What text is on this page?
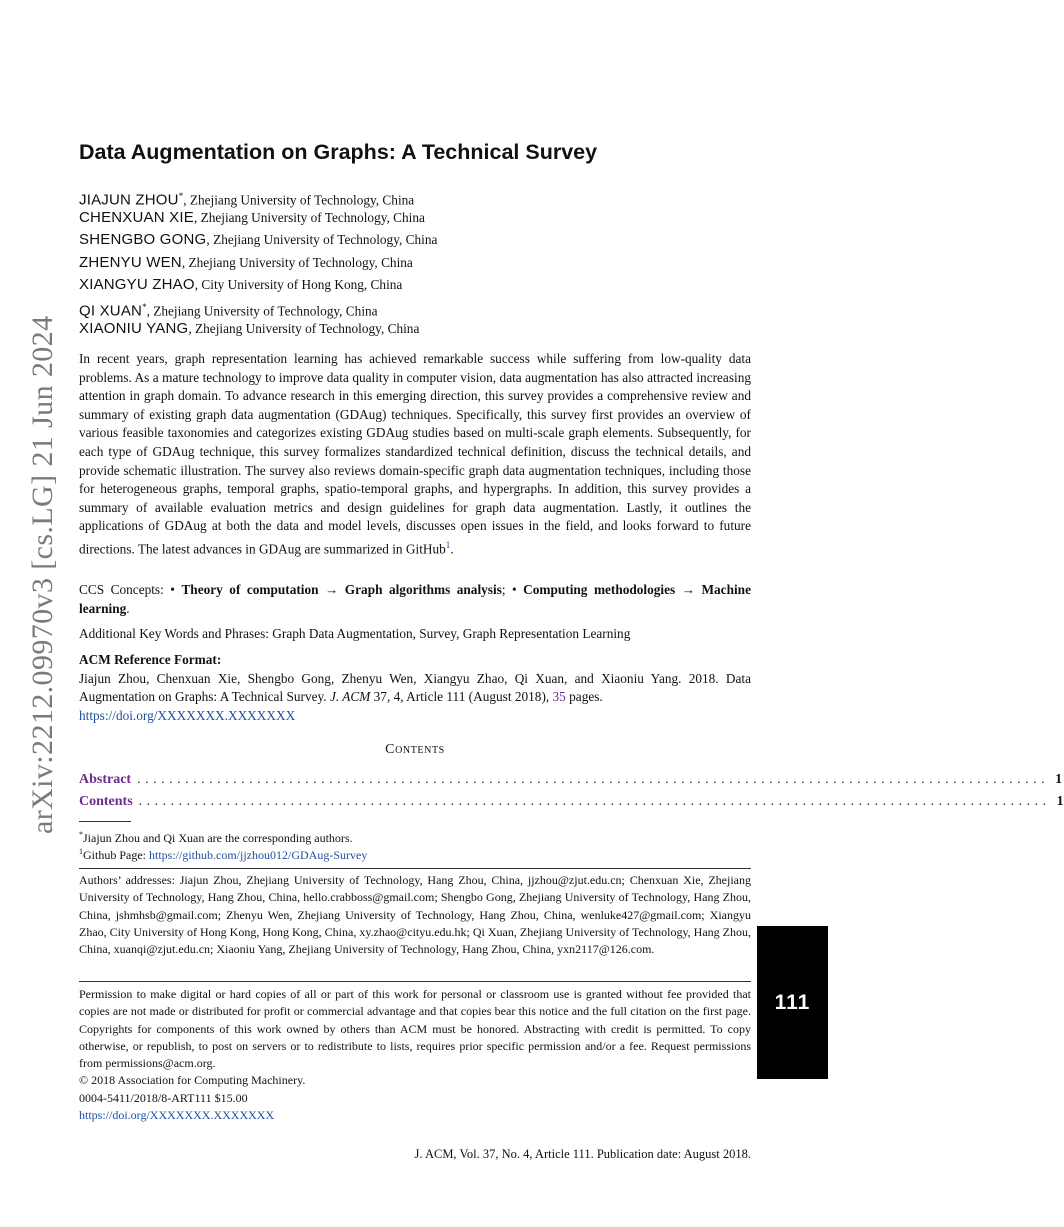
arXiv:2212.09970v3 [cs.LG] 21 Jun 2024
Data Augmentation on Graphs: A Technical Survey
JIAJUN ZHOU*, Zhejiang University of Technology, China
CHENXUAN XIE, Zhejiang University of Technology, China
SHENGBO GONG, Zhejiang University of Technology, China
ZHENYU WEN, Zhejiang University of Technology, China
XIANGYU ZHAO, City University of Hong Kong, China
QI XUAN*, Zhejiang University of Technology, China
XIAONIU YANG, Zhejiang University of Technology, China

In recent years, graph representation learning has achieved remarkable success while suffering from low-quality data problems. As a mature technology to improve data quality in computer vision, data augmentation has also attracted increasing attention in graph domain. To advance research in this emerging direction, this survey provides a comprehensive review and summary of existing graph data augmentation (GDAug) techniques. Specifically, this survey first provides an overview of various feasible taxonomies and categorizes existing GDAug studies based on multi-scale graph elements. Subsequently, for each type of GDAug technique, this survey formalizes standardized technical definition, discuss the technical details, and provide schematic illustration. The survey also reviews domain-specific graph data augmentation techniques, including those for heterogeneous graphs, temporal graphs, spatio-temporal graphs, and hypergraphs. In addition, this survey provides a summary of available evaluation metrics and design guidelines for graph data augmentation. Lastly, it outlines the applications of GDAug at both the data and model levels, discusses open issues in the field, and looks forward to future directions. The latest advances in GDAug are summarized in GitHub$^1$.

CCS Concepts: • Theory of computation → Graph algorithms analysis; • Computing methodologies → Machine learning.

Additional Key Words and Phrases: Graph Data Augmentation, Survey, Graph Representation Learning

ACM Reference Format:

Jiajun Zhou, Chenxuan Xie, Shengbo Gong, Zhenyu Wen, Xiangyu Zhao, Qi Xuan, and Xiaoniu Yang. 2018. Data Augmentation on Graphs: A Technical Survey. J. ACM 37, 4, Article 111 (August 2018), 35 pages.

https://doi.org/XXXXXXX.XXXXXXX

Contents
Abstract .................................................................................................................. 1
Contents .................................................................................................................. 1
*Jiajun Zhou and Qi Xuan are the corresponding authors.
$^1$Github Page: https://github.com/jjzhou012/GDAug-Survey
Authors’ addresses: Jiajun Zhou, Zhejiang University of Technology, Hang Zhou, China, jjzhou@zjut.edu.cn; Chenxuan Xie, Zhejiang University of Technology, Hang Zhou, China, hello.crabboss@gmail.com; Shengbo Gong, Zhejiang University of Technology, Hang Zhou, China, jshmhsb@gmail.com; Zhenyu Wen, Zhejiang University of Technology, Hang Zhou, China, wenluke427@gmail.com; Xiangyu Zhao, City University of Hong Kong, Hong Kong, China, xy.zhao@cityu.edu.hk; Qi Xuan, Zhejiang University of Technology, Hang Zhou, China, xuanqi@zjut.edu.cn; Xiaoniu Yang, Zhejiang University of Technology, Hang Zhou, China, yxn2117@126.com.

Permission to make digital or hard copies of all or part of this work for personal or classroom use is granted without fee provided that copies are not made or distributed for profit or commercial advantage and that copies bear this notice and the full citation on the first page. Copyrights for components of this work owned by others than ACM must be honored. Abstracting with credit is permitted. To copy otherwise, or republish, to post on servers or to redistribute to lists, requires prior specific permission and/or a fee. Request permissions from permissions@acm.org.

© 2018 Association for Computing Machinery.

0004-5411/2018/8-ART111 $15.00

https://doi.org/XXXXXXX.XXXXXXX

111
J. ACM, Vol. 37, No. 4, Article 111. Publication date: August 2018.
